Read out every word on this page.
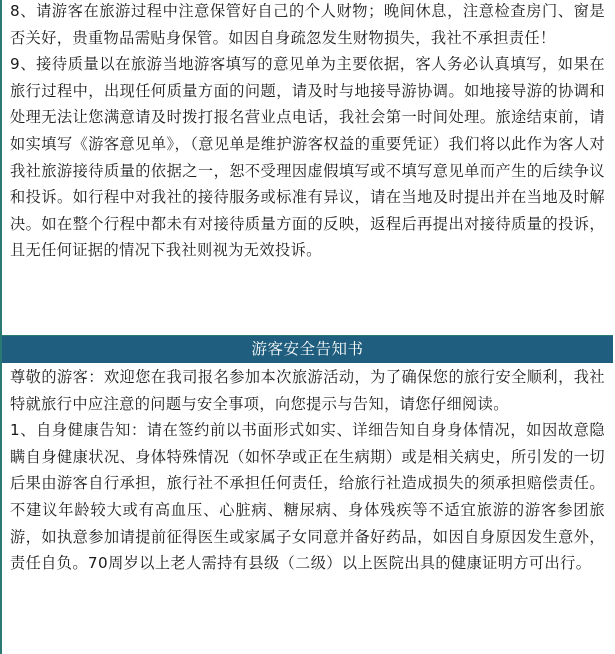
8、请游客在旅游过程中注意保管好自己的个人财物；晚间休息，注意检查房门、窗是否关好，贵重物品需贴身保管。如因自身疏忽发生财物损失，我社不承担责任！

9、接待质量以在旅游当地游客填写的意见单为主要依据，客人务必认真填写，如果在旅行过程中，出现任何质量方面的问题，请及时与地接导游协调。如地接导游的协调和处理无法让您满意请及时拨打报名营业点电话，我社会第一时间处理。旅途结束前，请如实填写《游客意见单》，（意见单是维护游客权益的重要凭证）我们将以此作为客人对我社旅游接待质量的依据之一，恕不受理因虚假填写或不填写意见单而产生的后续争议和投诉。如行程中对我社的接待服务或标准有异议，请在当地及时提出并在当地及时解决。如在整个行程中都未有对接待质量方面的反映，返程后再提出对接待质量的投诉，且无任何证据的情况下我社则视为无效投诉。

游客安全告知书

尊敬的游客：欢迎您在我司报名参加本次旅游活动，为了确保您的旅行安全顺利，我社特就旅行中应注意的问题与安全事项，向您提示与告知，请您仔细阅读。

1、自身健康告知：请在签约前以书面形式如实、详细告知自身身体情况，如因故意隐瞒自身健康状况、身体特殊情况（如怀孕或正在生病期）或是相关病史，所引发的一切后果由游客自行承担，旅行社不承担任何责任，给旅行社造成损失的须承担赔偿责任。不建议年龄较大或有高血压、心脏病、糖尿病、身体残疾等不适宜旅游的游客参团旅游，如执意参加请提前征得医生或家属子女同意并备好药品，如因自身原因发生意外，责任自负。70周岁以上老人需持有县级（二级）以上医院出具的健康证明方可出行。
